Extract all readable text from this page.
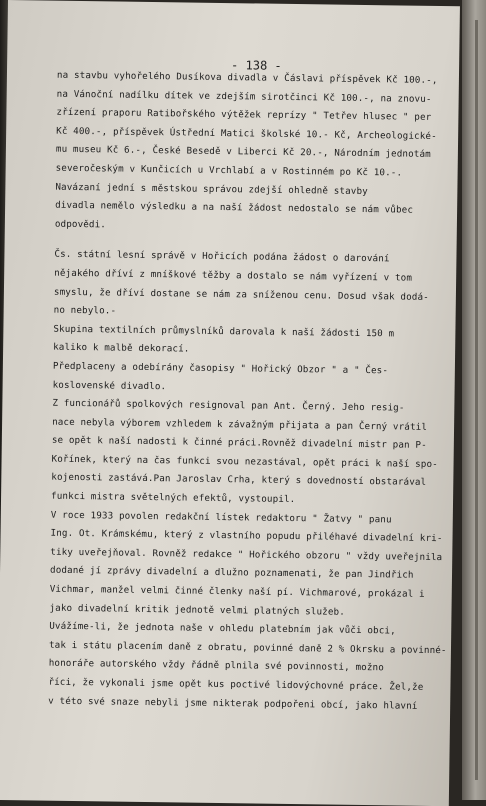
- 138 -
na stavbu vyhořelého Dusíkova divadla v Čáslavi příspěvek Kč 100.-,
na Vánoční nadílku dítek ve zdejším sirotčinci Kč 100.-, na znovu-
zřízení praporu Ratibořského výtěžek reprízy " Tetřev hlusec " per
Kč 400.-, příspěvek Ústřední Matici školské 10.- Kč, Archeologické-
mu museu Kč 6.-, České Besedě v Liberci Kč 20.-, Národním jednotám
severočeským v Kunčicích u Vrchlabí a v Rostinném po Kč 10.-.
Navázaní jední s městskou správou zdejší ohledně stavby
divadla nemělo výsledku a na naší žádost nedostalo se nám vůbec
odpovědi.
Čs. státní lesní správě v Hořicích podána žádost o darování
nějakého dříví z mníškové těžby a dostalo se nám vyřízení v tom
smyslu, že dříví dostane se nám za sníženou cenu. Dosud však dodá-
no nebylo.-
Skupina textilních průmyslníků darovala k naší žádosti 150 m
kaliko k malbě dekorací.
Předplaceny a odebírány časopisy " Hořický Obzor " a " Čes-
koslovenské divadlo.
Z funcionářů spolkových resignoval pan Ant. Černý. Jeho resig-
nace nebyla výborem vzhledem k závažným přijata a pan Černý vrátil
se opět k naší nadosti k činné práci.Rovněž divadelní mistr pan P-
Kořínek, který na čas funkci svou nezastával, opět práci k naší spo-
kojenosti zastává.Pan Jaroslav Crha, který s dovedností obstarával
funkci mistra světelných efektů, vystoupil.
V roce 1933 povolen redakční lístek redaktoru " Žatvy " panu
Ing. Ot. Krámskému, který z vlastního popudu přiléhavé divadelní kri-
tiky uveřejňoval. Rovněž redakce " Hořického obzoru " vždy uveřejnila
dodané jí zprávy divadelní a dlužno poznamenati, že pan Jindřich
Vichmar, manžel velmi činné členky naší pí. Vichmarové, prokázal i
jako divadelní kritik jednotě velmi platných služeb.
Uvážíme-li, že jednota naše v ohledu platebním jak vůči obci,
tak i státu placením daně z obratu, povinné daně 2 % Okrsku a povinné-
honoráře autorského vždy řádně plnila své povinnosti, možno
říci, že vykonali jsme opět kus poctivé lidovýchovné práce. Žel,že
v této své snaze nebyli jsme nikterak podpořeni obcí, jako hlavní
